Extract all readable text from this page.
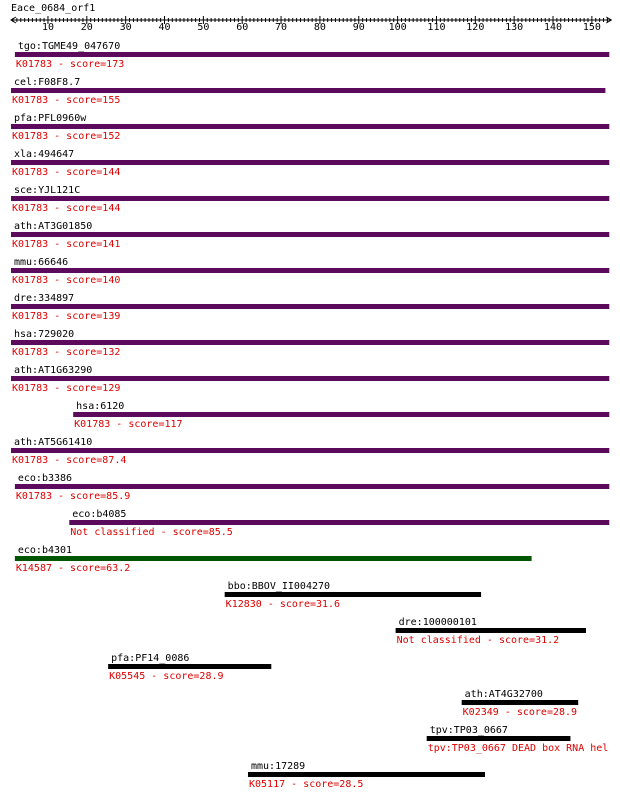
Eace_0684_orf1
10	20	30	40	50	60	70	80	90 100 110 120 130 140 150
tgo:TGME49_047670
K01783 - score=173
cel:F08F8.7
K01783 - score=155
pfa:PFL0960w
K01783 - score=152
xla:494647
K01783 - score=144
sce:YJL121C
K01783 - score=144
ath:AT3G01850
K01783 - score=141
mmu:66646
K01783 - score=140
dre:334897
K01783 - score=139
hsa:729020
K01783 - score=132
ath:AT1G63290
K01783 - score=129
hsa:6120
K01783 - score=117
ath:AT5G61410
K01783 - score=87.4
eco:b3386
K01783 - score=85.9
eco:b4085
Not classified - score=85.5
eco:b4301
K14587 - score=63.2
bbo:BBOV_II004270
K12830 - score=31.6
dre:100000101
Not classified - score=31.2
pfa:PF14_0086
K05545 - score=28.9
ath:AT4G32700
K02349 - score=28.9
tpv:TP03_0667
tpv:TP03_0667 DEAD box RNA hel
mmu:17289
K05117 - score=28.5
